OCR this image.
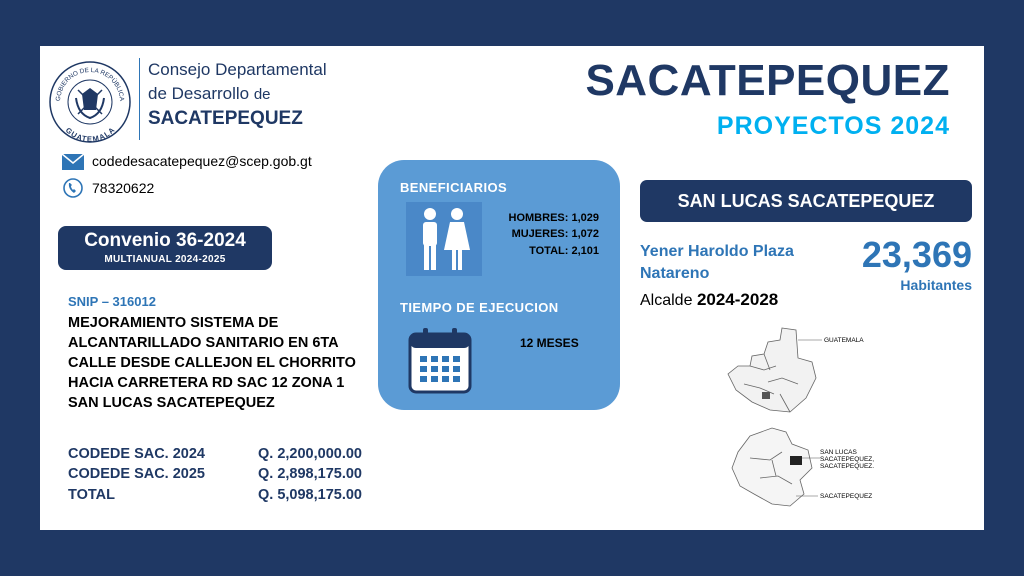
GOBIERNO DE LA REPÚBLICA
GUATEMALA
Consejo Departamental
de Desarrollo de
SACATEPEQUEZ
SACATEPEQUEZ
PROYECTOS 2024
codedesacatepequez@scep.gob.gt
78320622
Convenio 36-2024
MULTIANUAL 2024-2025
SNIP – 316012
MEJORAMIENTO SISTEMA DE ALCANTARILLADO SANITARIO EN 6TA CALLE DESDE CALLEJON EL CHORRITO HACIA CARRETERA RD SAC 12 ZONA 1 SAN LUCAS SACATEPEQUEZ
CODEDE SAC. 2024	Q. 2,200,000.00
CODEDE SAC. 2025	Q. 2,898,175.00
TOTAL	Q. 5,098,175.00
BENEFICIARIOS
HOMBRES: 1,029
MUJERES: 1,072
TOTAL: 2,101
TIEMPO DE EJECUCION
12 MESES
SAN LUCAS SACATEPEQUEZ
Yener Haroldo Plaza
Natareno
Alcalde 2024-2028
23,369
Habitantes
GUATEMALA
SAN LUCAS
SACATEPEQUEZ,
SACATEPEQUEZ.
SACATEPEQUEZ
